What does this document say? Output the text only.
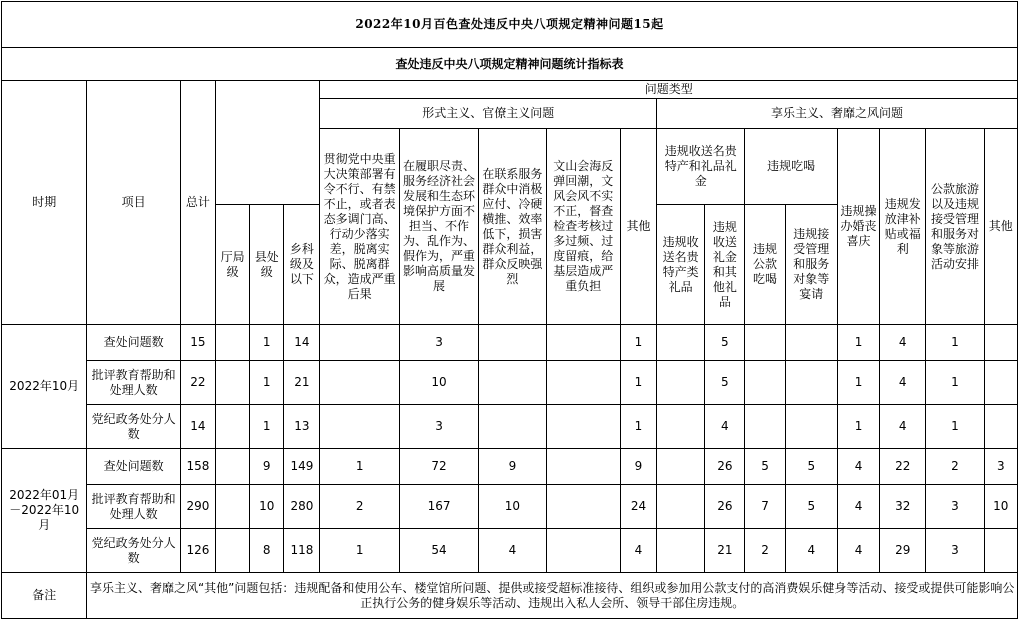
2022年10月百色查处违反中央八项规定精神问题15起																		
查处违反中央八项规定精神问题统计指标表																		
时期	项目	总计				问题类型												
						形式主义、官僚主义问题					享乐主义、奢靡之风问题							
						贯彻党中央重大决策部署有令不行、有禁不止，或者表态多调门高、行动少落实差，脱离实际、脱离群众，造成严重后果	在履职尽责、服务经济社会发展和生态环境保护方面不担当、不作为、乱作为、假作为，严重影响高质量发展	在联系服务群众中消极应付、冷硬横推、效率低下，损害群众利益，群众反映强烈	文山会海反弹回潮，文风会风不实不正，督查检查考核过多过频、过度留痕，给基层造成严重负担	其他	违规收送名贵特产和礼品礼金		违规吃喝		违规操办婚丧喜庆	违规发放津补贴或福利	公款旅游以及违规接受管理和服务对象等旅游活动安排	其他
			厅局级	县处级	乡科级及以下						违规收送名贵特产类礼品	违规收送礼金和其他礼品	违规公款吃喝	违规接受管理和服务对象等宴请				
2022年10月	查处问题数	15		1	14		3			1		5			1	4	1	
	批评教育帮助和处理人数	22		1	21		10			1		5			1	4	1	
	党纪政务处分人数	14		1	13		3			1		4			1	4	1	
2022年01月－2022年10月	查处问题数	158		9	149	1	72	9		9		26	5	5	4	22	2	3
	批评教育帮助和处理人数	290		10	280	2	167	10		24		26	7	5	4	32	3	10
	党纪政务处分人数	126		8	118	1	54	4		4		21	2	4	4	29	3	
备注	享乐主义、奢靡之风“其他”问题包括：违规配备和使用公车、楼堂馆所问题、提供或接受超标准接待、组织或参加用公款支付的高消费娱乐健身等活动、接受或提供可能影响公正执行公务的健身娱乐等活动、违规出入私人会所、领导干部住房违规。																	
